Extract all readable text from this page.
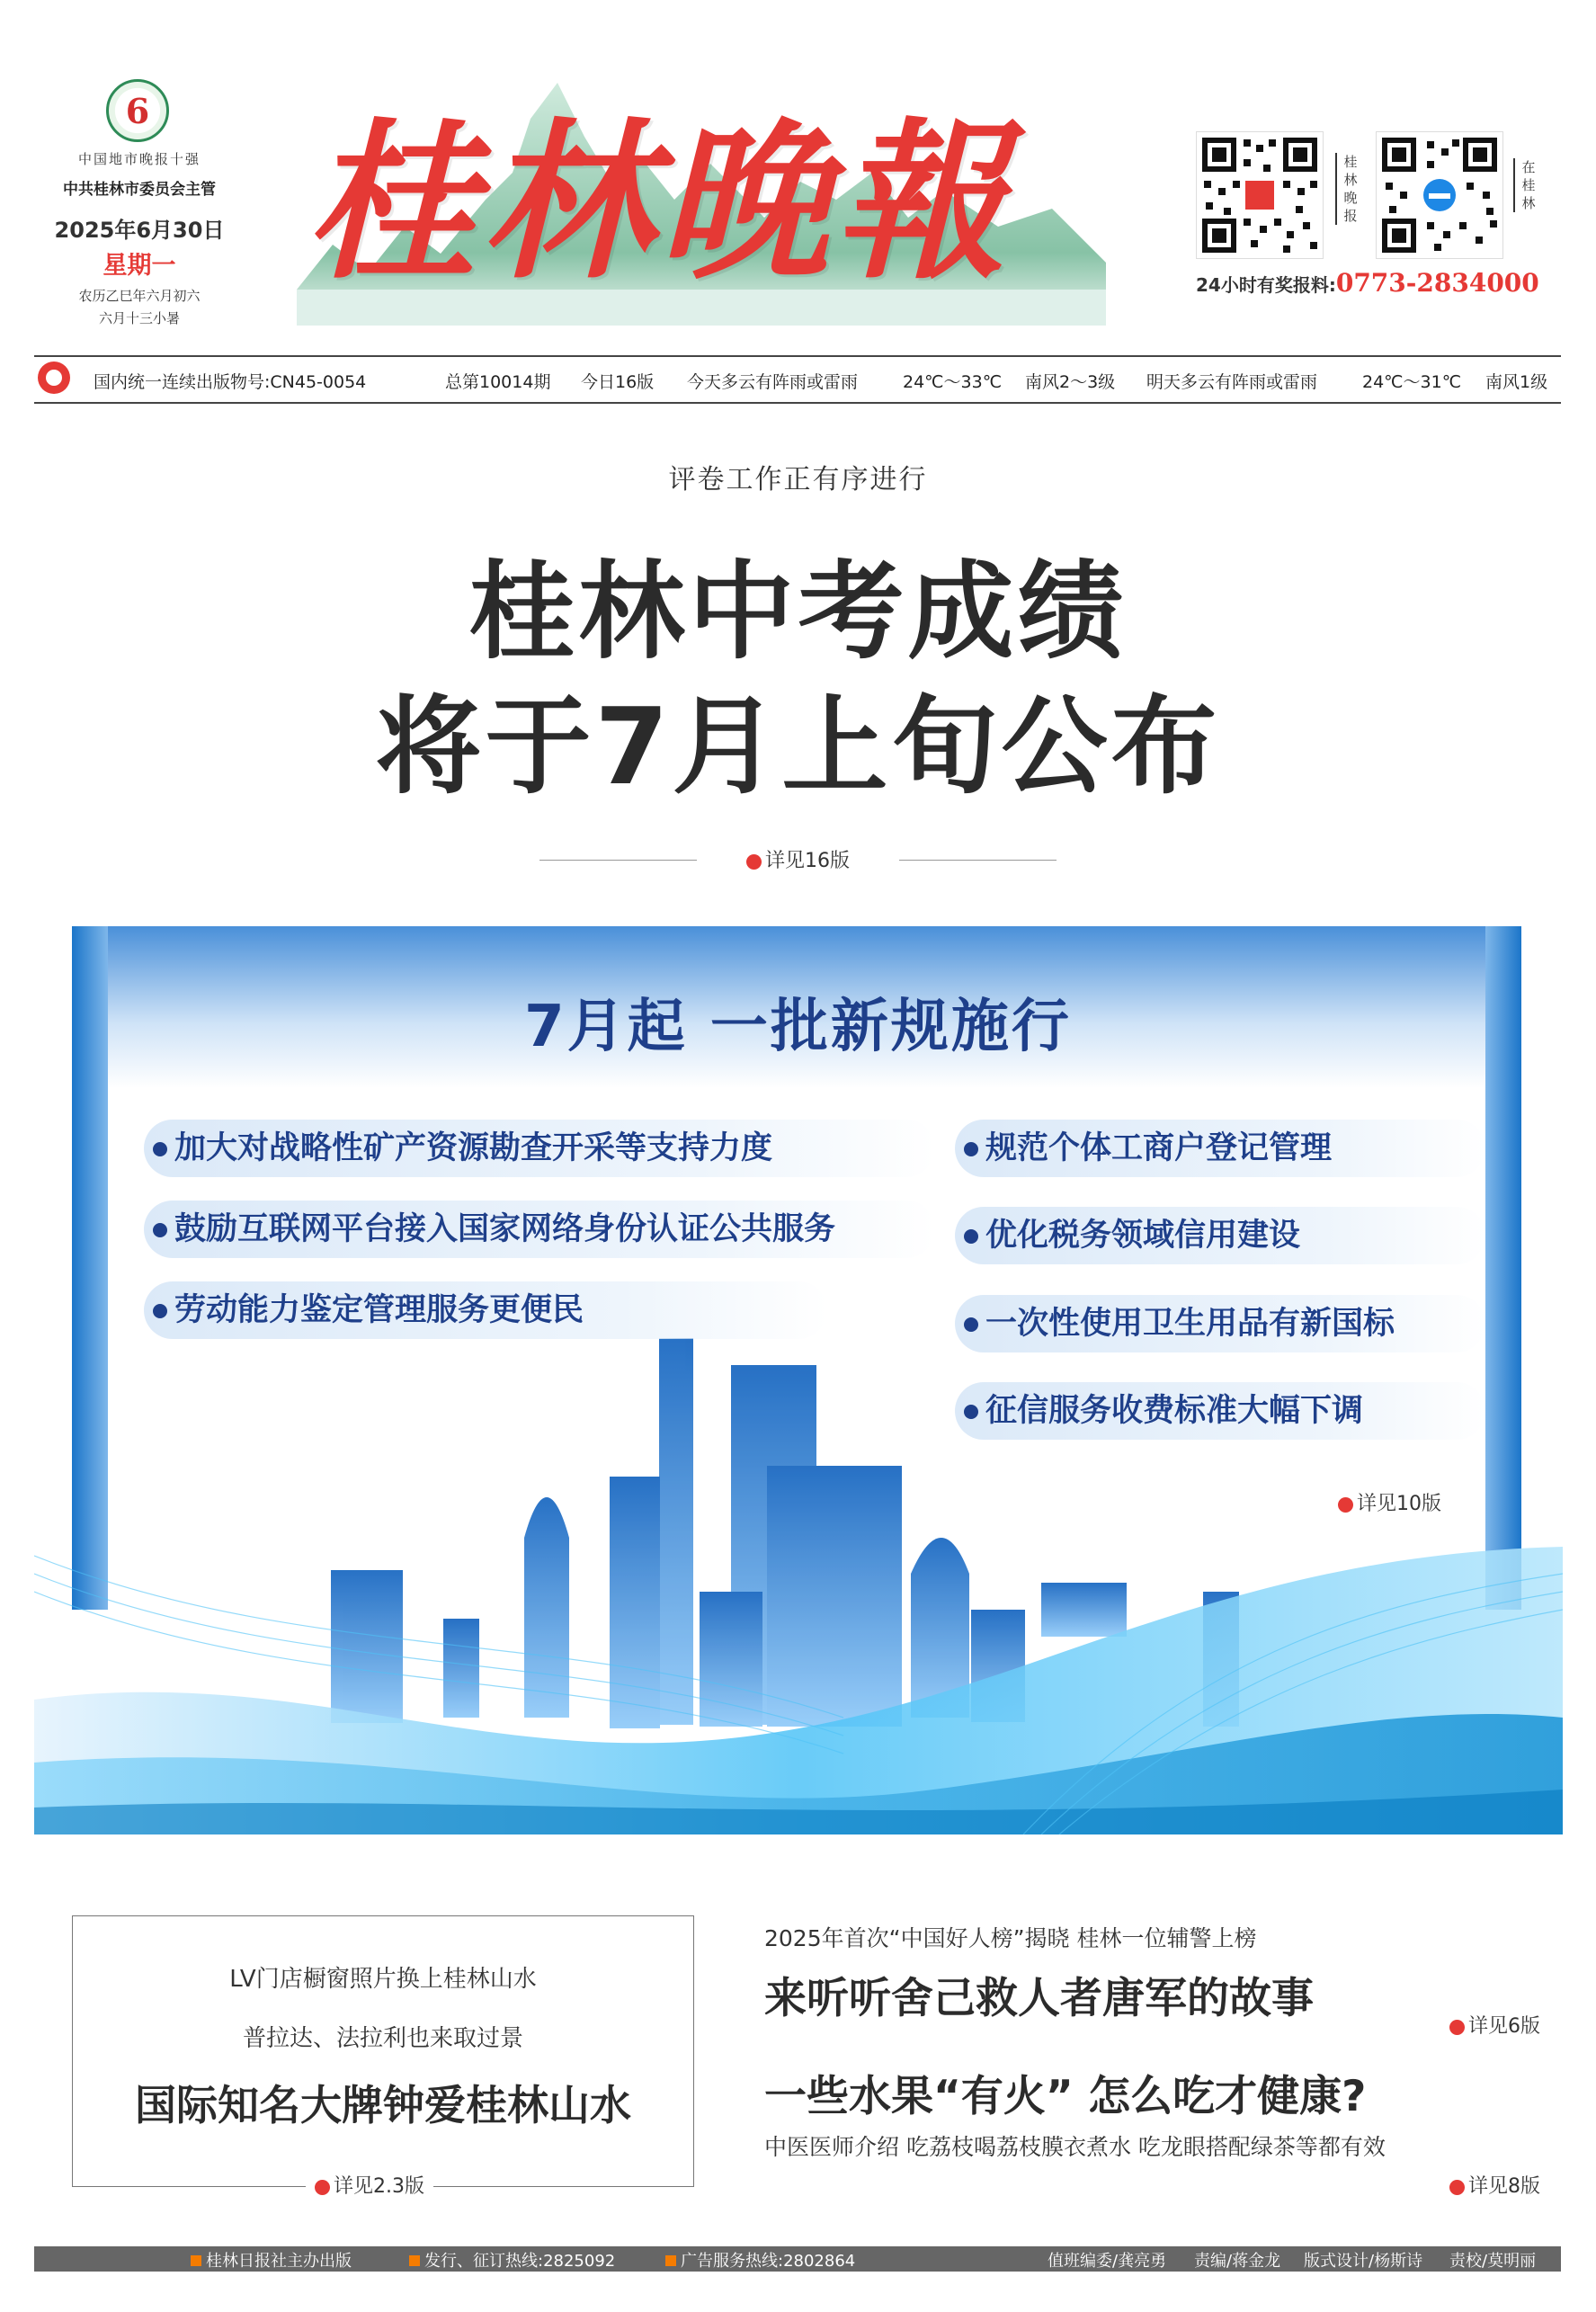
6
中国地市晚报十强
中共桂林市委员会主管
2025年6月30日
星期一
农历乙巳年六月初六
六月十三小暑
桂林晚報	桂林晚报
在桂林
24小时有奖报料:0773-2834000
国内统一连续出版物号:CN45-0054	总第10014期 今日16版 今天多云有阵雨或雷雨	24℃～33℃ 南风2～3级 明天多云有阵雨或雷雨	24℃～31℃ 南风1级
评卷工作正有序进行
桂林中考成绩
将于7月上旬公布
详见16版
7月起 一批新规施行
加大对战略性矿产资源勘查开采等支持力度
鼓励互联网平台接入国家网络身份认证公共服务
劳动能力鉴定管理服务更便民
规范个体工商户登记管理
优化税务领域信用建设
一次性使用卫生用品有新国标
征信服务收费标准大幅下调
详见10版
LV门店橱窗照片换上桂林山水
普拉达、法拉利也来取过景
国际知名大牌钟爱桂林山水
详见2.3版
2025年首次“中国好人榜”揭晓 桂林一位辅警上榜
来听听舍己救人者唐军的故事
详见6版
一些水果“有火” 怎么吃才健康?
中医医师介绍 吃荔枝喝荔枝膜衣煮水 吃龙眼搭配绿茶等都有效
详见8版
桂林日报社主办出版	发行、征订热线:2825092	广告服务热线:2802864	值班编委/龚亮勇 责编/蒋金龙 版式设计/杨斯诗 责校/莫明丽
